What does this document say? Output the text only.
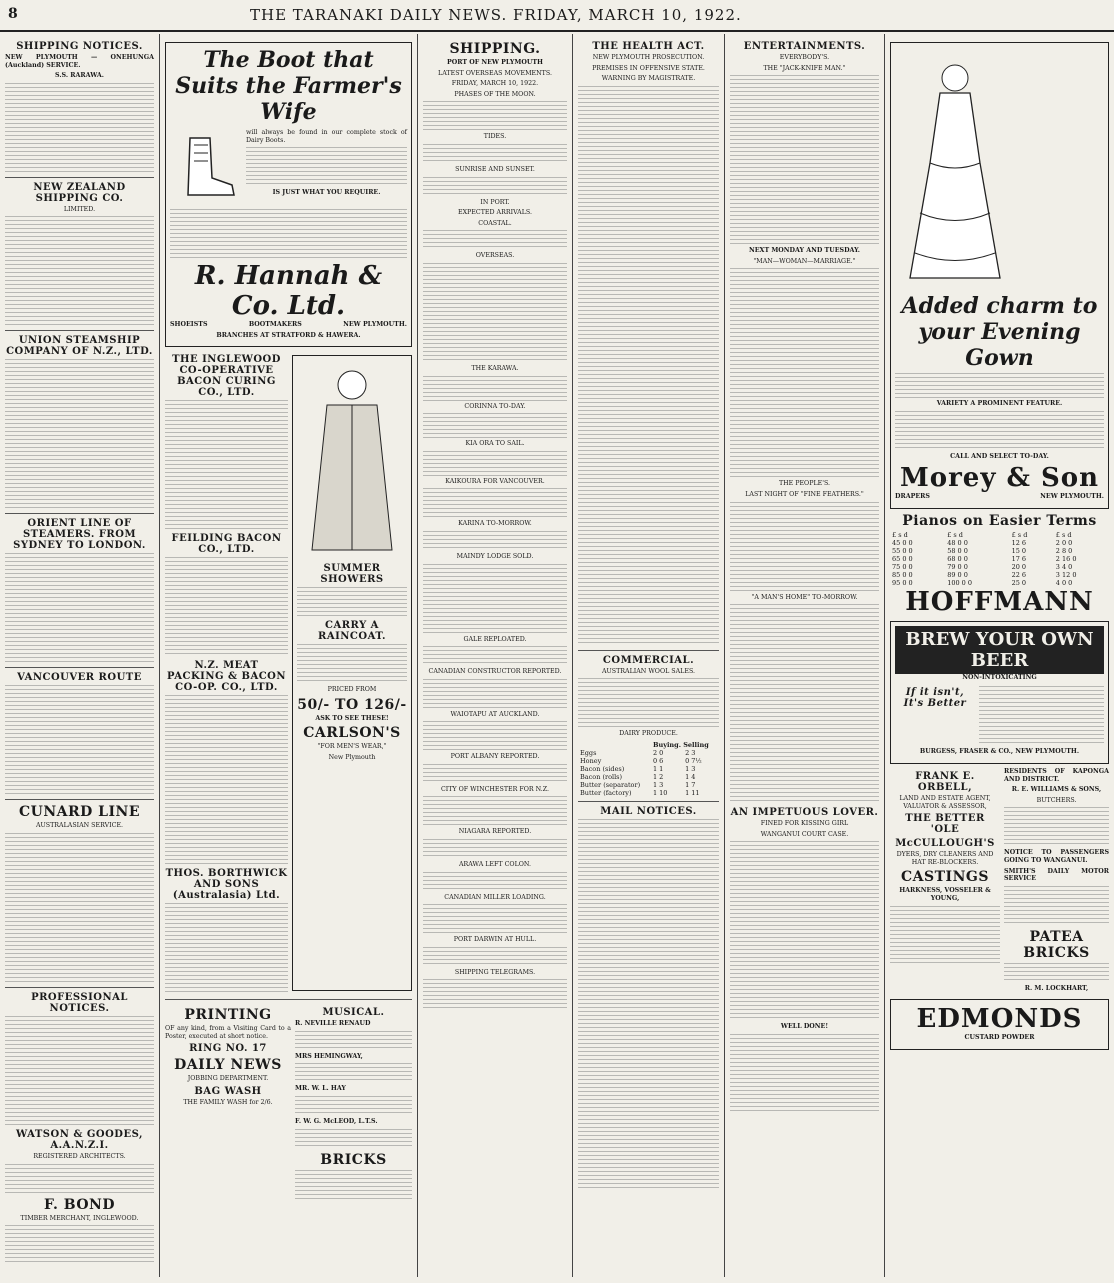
8	THE TARANAKI DAILY NEWS. FRIDAY, MARCH 10, 1922.
SHIPPING NOTICES.
NEW PLYMOUTH — ONEHUNGA (Auckland) SERVICE.
S.S. RARAWA.
NEW ZEALAND SHIPPING CO.
LIMITED.
UNION STEAMSHIP COMPANY OF N.Z., LTD.
ORIENT LINE OF STEAMERS. FROM SYDNEY TO LONDON.
VANCOUVER ROUTE
CUNARD LINE
AUSTRALASIAN SERVICE.
PROFESSIONAL NOTICES.
WATSON & GOODES, A.A.N.Z.I.
REGISTERED ARCHITECTS.
F. BOND
TIMBER MERCHANT, INGLEWOOD.
The Boot that Suits the Farmer's Wife
will always be found in our complete stock of Dairy Boots.
IS JUST WHAT YOU REQUIRE.
R. Hannah & Co. Ltd.
SHOEISTS	BOOTMAKERS	NEW PLYMOUTH.
BRANCHES AT STRATFORD & HAWERA.
THE INGLEWOOD CO-OPERATIVE BACON CURING CO., LTD.
FEILDING BACON CO., LTD.
N.Z. MEAT PACKING & BACON CO-OP. CO., LTD.
THOS. BORTHWICK AND SONS (Australasia) Ltd.
SUMMER SHOWERS
CARRY A RAINCOAT.
PRICED FROM
50/- TO 126/-
ASK TO SEE THESE!
CARLSON'S
"FOR MEN'S WEAR,"
New Plymouth
PRINTING
OF any kind, from a Visiting Card to a Poster, executed at short notice.
RING NO. 17
DAILY NEWS
JOBBING DEPARTMENT.
BAG WASH
THE FAMILY WASH for 2/6.
MUSICAL.
R. NEVILLE RENAUD
MRS HEMINGWAY,
MR. W. L. HAY
F. W. G. McLEOD, L.T.S.
BRICKS
SHIPPING.
PORT OF NEW PLYMOUTH
LATEST OVERSEAS MOVEMENTS.
FRIDAY, MARCH 10, 1922.
PHASES OF THE MOON.
TIDES.
SUNRISE AND SUNSET.
IN PORT.
EXPECTED ARRIVALS.
COASTAL.
OVERSEAS.
THE KARAWA.
CORINNA TO-DAY.
KIA ORA TO SAIL.
KAIKOURA FOR VANCOUVER.
KARINA TO-MORROW.
MAINDY LODGE SOLD.
GALE REPLOATED.
CANADIAN CONSTRUCTOR REPORTED.
WAIOTAPU AT AUCKLAND.
PORT ALBANY REPORTED.
CITY OF WINCHESTER FOR N.Z.
NIAGARA REPORTED.
ARAWA LEFT COLON.
CANADIAN MILLER LOADING.
PORT DARWIN AT HULL.
SHIPPING TELEGRAMS.
THE HEALTH ACT.
NEW PLYMOUTH PROSECUTION.
PREMISES IN OFFENSIVE STATE.
WARNING BY MAGISTRATE.
COMMERCIAL.
AUSTRALIAN WOOL SALES.
DAIRY PRODUCE.
	Buying. Selling	
Eggs	2 0	2 3
Honey	0 6	0 7½
Bacon (sides)	1 1	1 3
Bacon (rolls)	1 2	1 4
Butter (separator)	1 3	1 7
Butter (factory)	1 10	1 11
MAIL NOTICES.
ENTERTAINMENTS.
EVERYBODY'S.
THE "JACK-KNIFE MAN."
NEXT MONDAY AND TUESDAY.
"MAN—WOMAN—MARRIAGE."
THE PEOPLE'S.
LAST NIGHT OF "FINE FEATHERS."
"A MAN'S HOME" TO-MORROW.
AN IMPETUOUS LOVER.
FINED FOR KISSING GIRL
WANGANUI COURT CASE.
WELL DONE!
Added charm to your Evening Gown
VARIETY A PROMINENT FEATURE.
CALL AND SELECT TO-DAY.
Morey & Son
DRAPERS	NEW PLYMOUTH.
Pianos on Easier Terms
£ s d	£ s d	£ s d	£ s d
45 0 0	48 0 0	12 6	2 0 0
55 0 0	58 0 0	15 0	2 8 0
65 0 0	68 0 0	17 6	2 16 0
75 0 0	79 0 0	20 0	3 4 0
85 0 0	89 0 0	22 6	3 12 0
95 0 0	100 0 0	25 0	4 0 0
HOFFMANN
BREW YOUR OWN BEER
NON-INTOXICATING
If it isn't, It's Better
BURGESS, FRASER & CO., NEW PLYMOUTH.
FRANK E. ORBELL,
LAND AND ESTATE AGENT, VALUATOR & ASSESSOR,
THE BETTER 'OLE
McCULLOUGH'S
DYERS, DRY CLEANERS AND HAT RE-BLOCKERS.
CASTINGS
HARKNESS, VOSSELER & YOUNG,
RESIDENTS OF KAPONGA AND DISTRICT.
R. E. WILLIAMS & SONS,
BUTCHERS.
NOTICE TO PASSENGERS GOING TO WANGANUI.
SMITH'S DAILY MOTOR SERVICE
PATEA BRICKS
R. M. LOCKHART,
EDMONDS
CUSTARD POWDER
